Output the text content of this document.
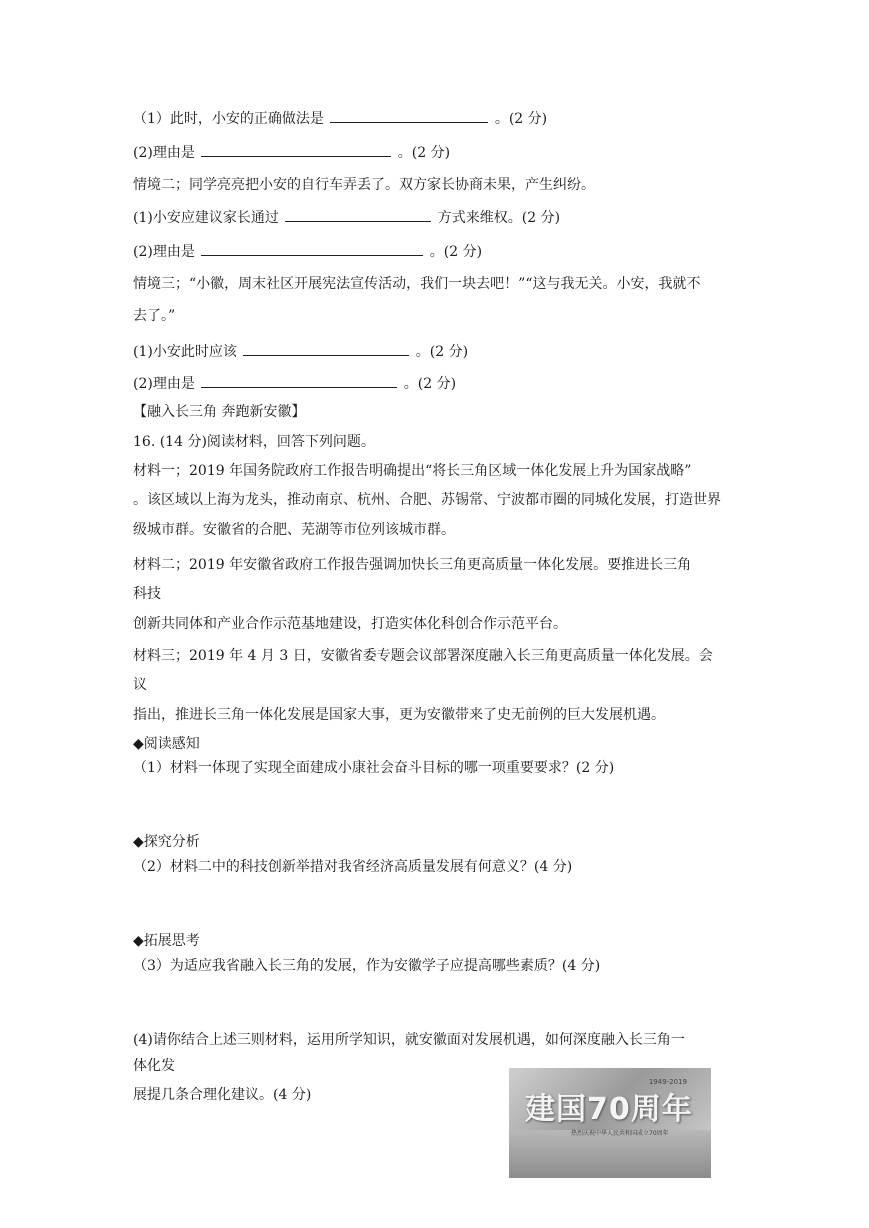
（1）此时，小安的正确做法是	。(2 分)
(2)理由是	。(2 分)
情境二；同学亮亮把小安的自行车弄丢了。双方家长协商未果，产生纠纷。
(1)小安应建议家长通过	方式来维权。(2 分)
(2)理由是	。(2 分)
情境三；“小徽，周末社区开展宪法宣传活动，我们一块去吧！”“这与我无关。小安，我就不
去了。”
(1)小安此时应该	。(2 分)
(2)理由是	。(2 分)
【融入长三角 奔跑新安徽】
16. (14 分)阅读材料，回答下列问题。
材料一；2019 年国务院政府工作报告明确提出“将长三角区域一体化发展上升为国家战略”
。该区域以上海为龙头，推动南京、杭州、合肥、苏锡常、宁波都市圈的同城化发展，打造世界
级城市群。安徽省的合肥、芜湖等市位列该城市群。
材料二；2019 年安徽省政府工作报告强调加快长三角更高质量一体化发展。要推进长三角
科技
创新共同体和产业合作示范基地建设，打造实体化科创合作示范平台。
材料三；2019 年 4 月 3 日，安徽省委专题会议部署深度融入长三角更高质量一体化发展。会
议
指出，推进长三角一体化发展是国家大事，更为安徽带来了史无前例的巨大发展机遇。
◆阅读感知
（1）材料一体现了实现全面建成小康社会奋斗目标的哪一项重要要求？(2 分)
◆探究分析
（2）材料二中的科技创新举措对我省经济高质量发展有何意义？(4 分)
◆拓展思考
（3）为适应我省融入长三角的发展，作为安徽学子应提高哪些素质？(4 分)
(4)请你结合上述三则材料，运用所学知识，就安徽面对发展机遇，如何深度融入长三角一
体化发
展提几条合理化建议。(4 分)	建国70周年
1949-2019
热烈庆祝中华人民共和国成立70周年
